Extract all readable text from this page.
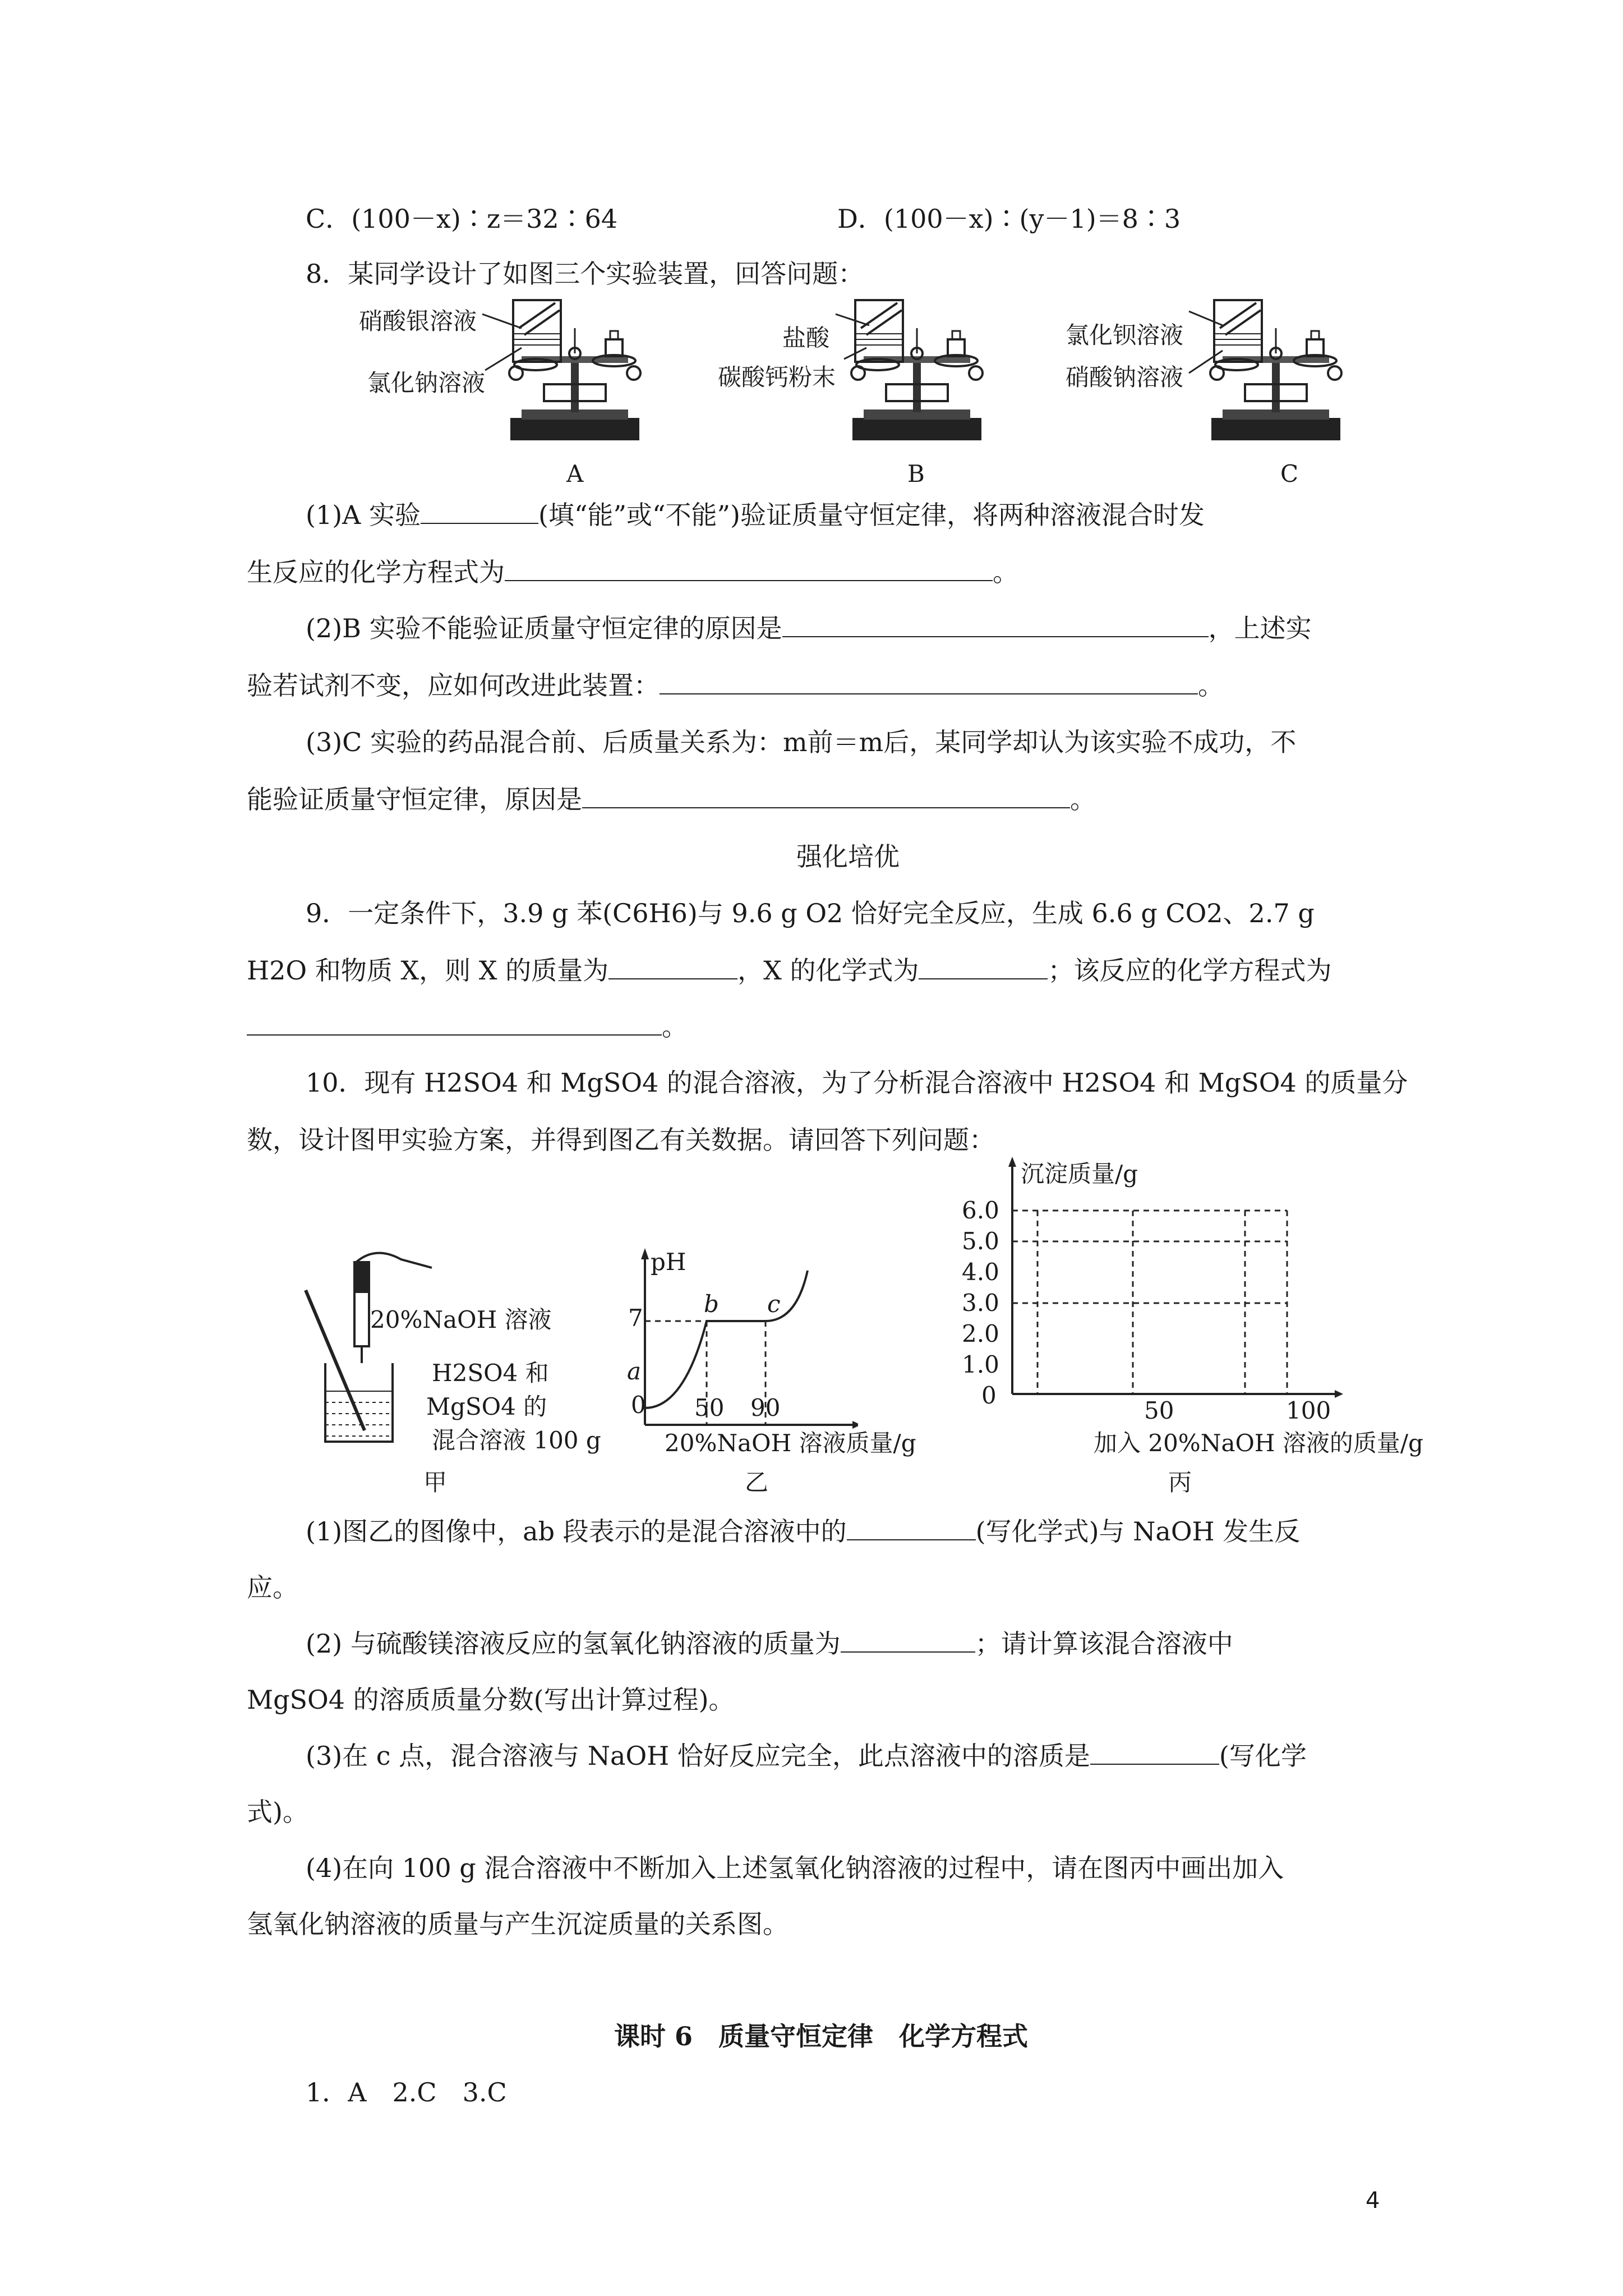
C．(100－x)∶z＝32∶64	D．(100－x)∶(y－1)＝8∶3
8．某同学设计了如图三个实验装置，回答问题：
硝酸银溶液
氯化钠溶液
A
盐酸
碳酸钙粉末
B
氯化钡溶液
硝酸钠溶液
C
(1)A 实验	(填“能”或“不能”)验证质量守恒定律，将两种溶液混合时发
生反应的化学方程式为	。
(2)B 实验不能验证质量守恒定律的原因是	，上述实
验若试剂不变，应如何改进此装置：	。
(3)C 实验的药品混合前、后质量关系为：m前＝m后，某同学却认为该实验不成功，不
能验证质量守恒定律，原因是	。
强化培优
9．一定条件下，3.9 g 苯(C6H6)与 9.6 g O2 恰好完全反应，生成 6.6 g CO2、2.7 g
H2O 和物质 X，则 X 的质量为	，X 的化学式为	；该反应的化学方程式为
。
10．现有 H2SO4 和 MgSO4 的混合溶液，为了分析混合溶液中 H2SO4 和 MgSO4 的质量分
数，设计图甲实验方案，并得到图乙有关数据。请回答下列问题：
20%NaOH 溶液
H2SO4 和
MgSO4 的
混合溶液 100 g
甲
pH
7
a
b c
0 50 90
20%NaOH 溶液质量/g
乙
沉淀质量/g
6.0
5.0
4.0
3.0
2.0
1.0
0
50	100
加入 20%NaOH 溶液的质量/g
丙
(1)图乙的图像中，ab 段表示的是混合溶液中的	(写化学式)与 NaOH 发生反
应。
(2) 与硫酸镁溶液反应的氢氧化钠溶液的质量为	；请计算该混合溶液中
MgSO4 的溶质质量分数(写出计算过程)。
(3)在 c 点，混合溶液与 NaOH 恰好反应完全，此点溶液中的溶质是	(写化学
式)。
(4)在向 100 g 混合溶液中不断加入上述氢氧化钠溶液的过程中，请在图丙中画出加入
氢氧化钠溶液的质量与产生沉淀质量的关系图。
课时 6　质量守恒定律　化学方程式
1．A　2.C　3.C
4
